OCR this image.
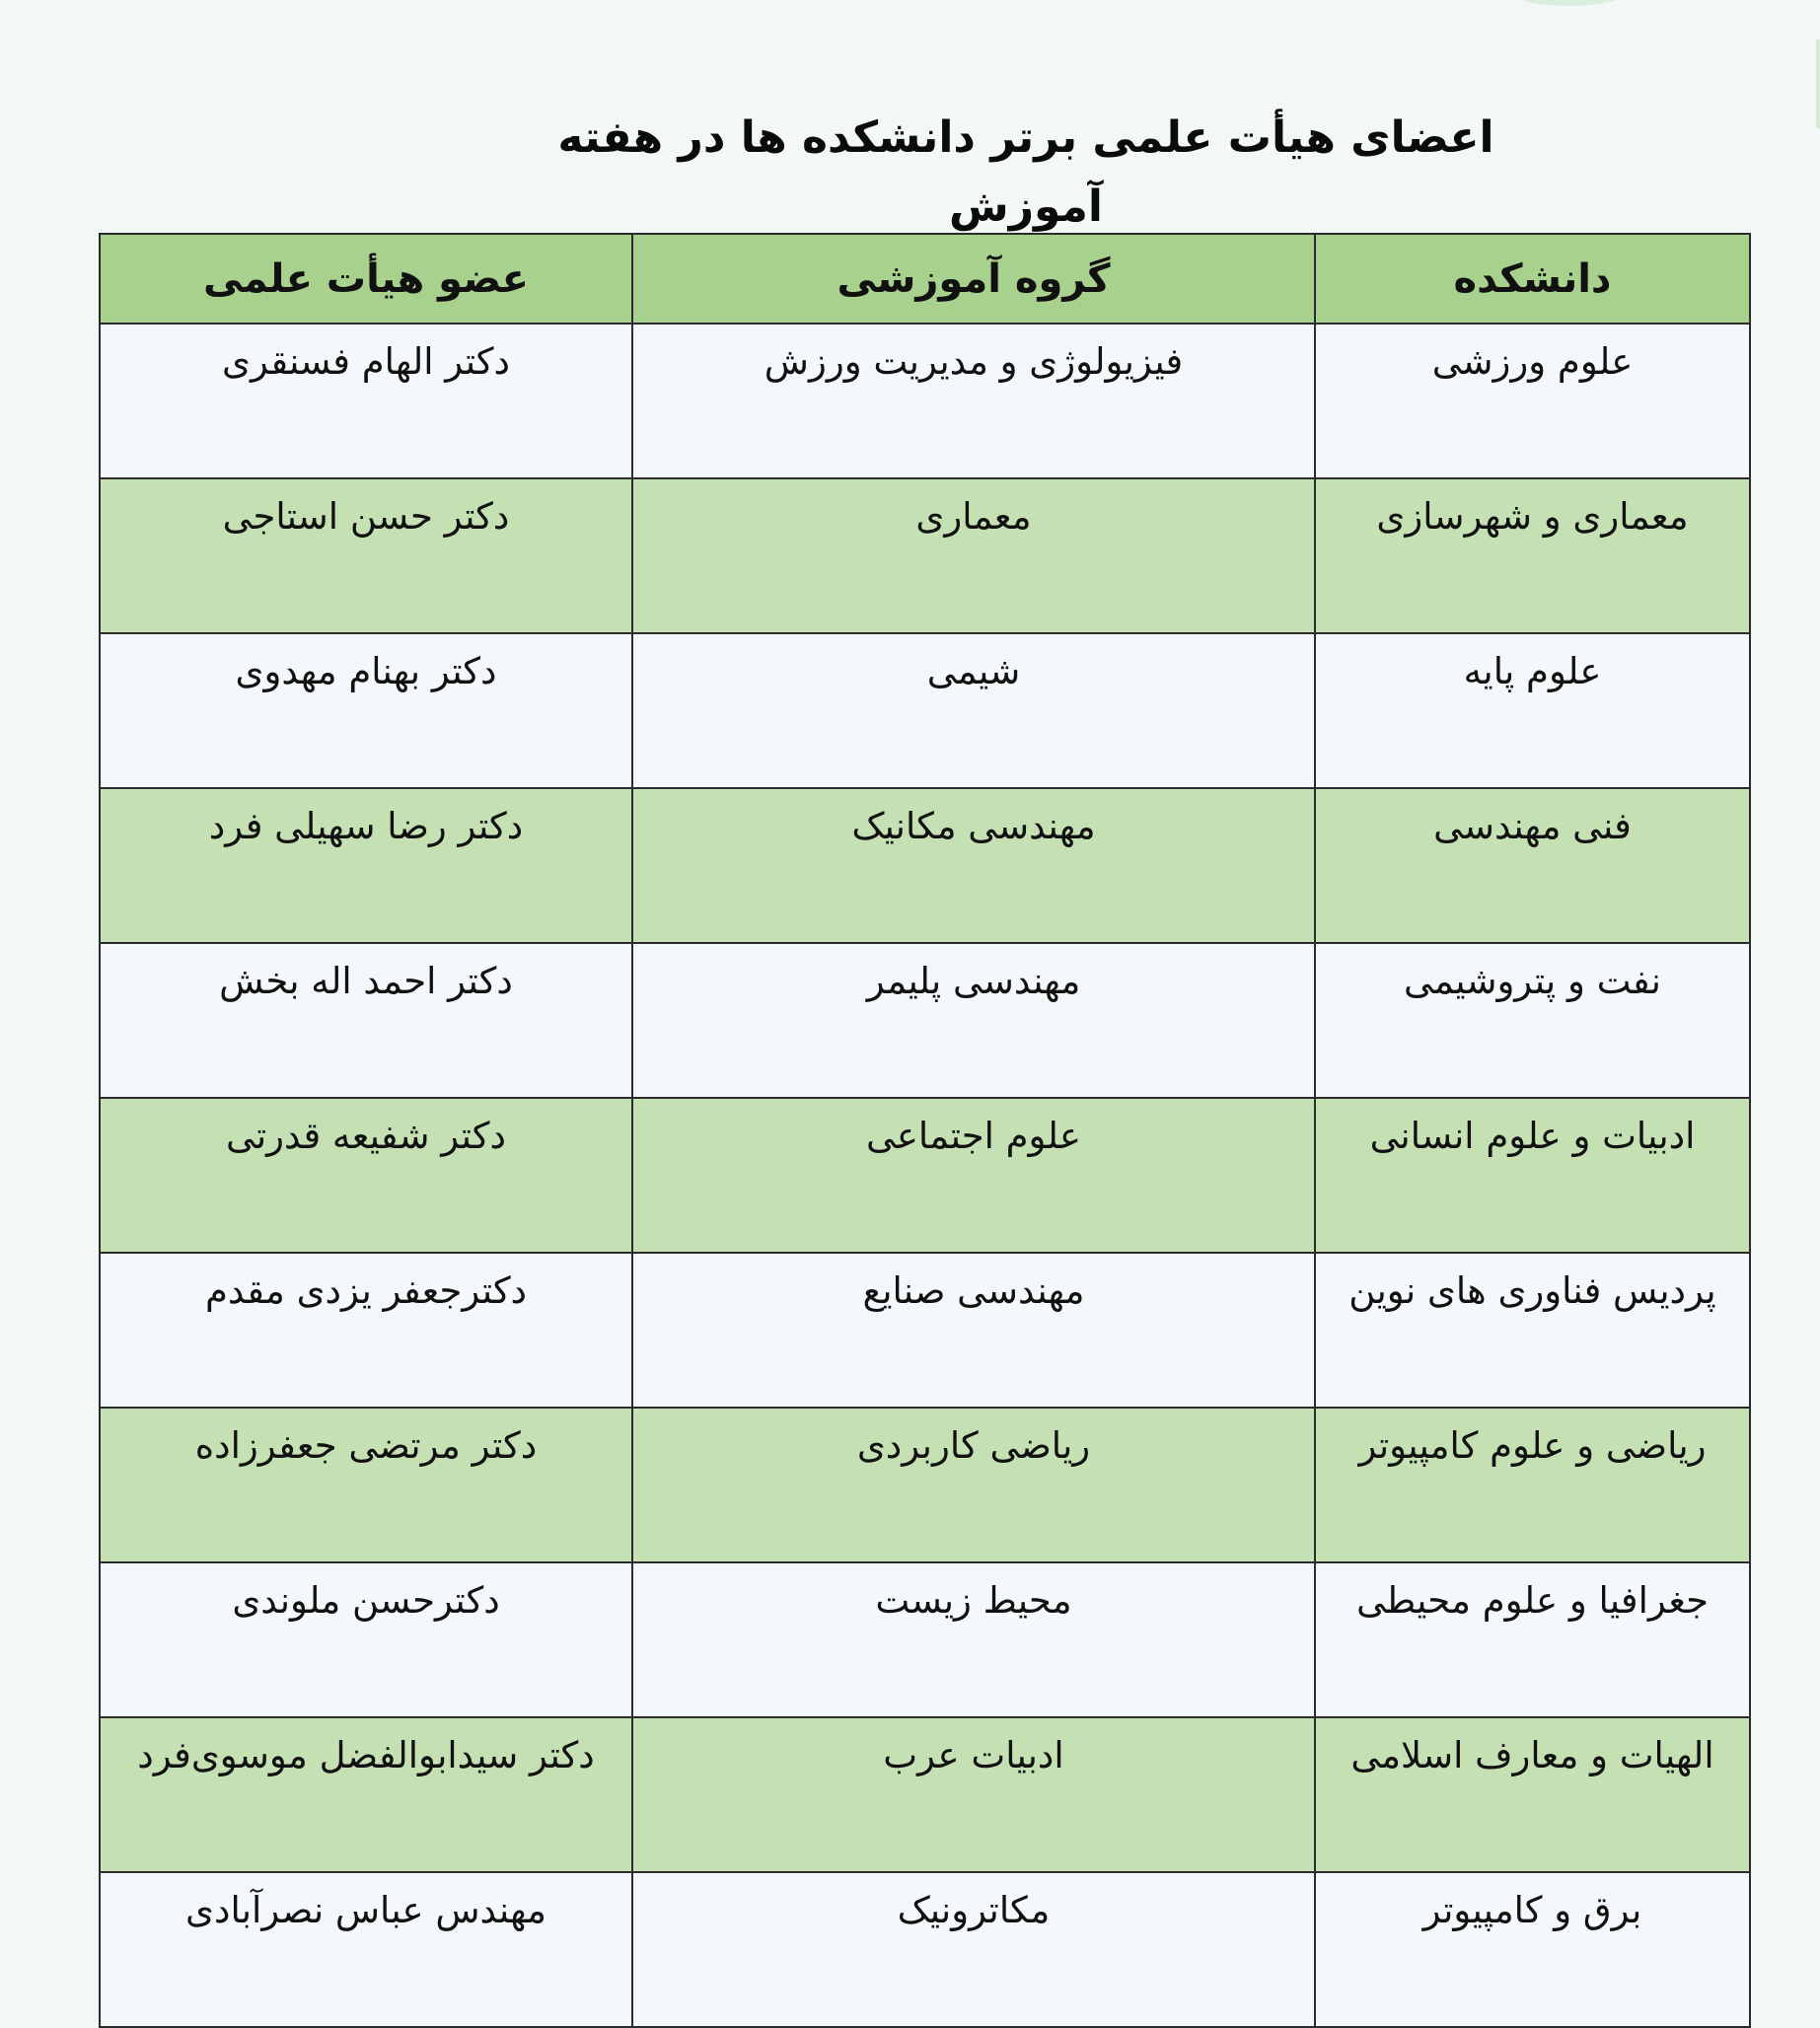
اعضای هیأت علمی برتر دانشکده ها در هفته آموزش
دانشکده	گروه آموزشی	عضو هیأت علمی
علوم ورزشی	فیزیولوژی و مدیریت ورزش	دکتر الهام فسنقری
معماری و شهرسازی	معماری	دکتر حسن استاجی
علوم پایه	شیمی	دکتر بهنام مهدوی
فنی مهندسی	مهندسی مکانیک	دکتر رضا سهیلی فرد
نفت و پتروشیمی	مهندسی پلیمر	دکتر احمد اله بخش
ادبیات و علوم انسانی	علوم اجتماعی	دکتر شفیعه قدرتی
پردیس فناوری های نوین	مهندسی صنایع	دکترجعفر یزدی مقدم
ریاضی و علوم کامپیوتر	ریاضی کاربردی	دکتر مرتضی جعفرزاده
جغرافیا و علوم محیطی	محیط زیست	دکترحسن ملوندی
الهیات و معارف اسلامی	ادبیات عرب	دکتر سیدابوالفضل موسوی‌فرد
برق و کامپیوتر	مکاترونیک	مهندس عباس نصرآبادی
